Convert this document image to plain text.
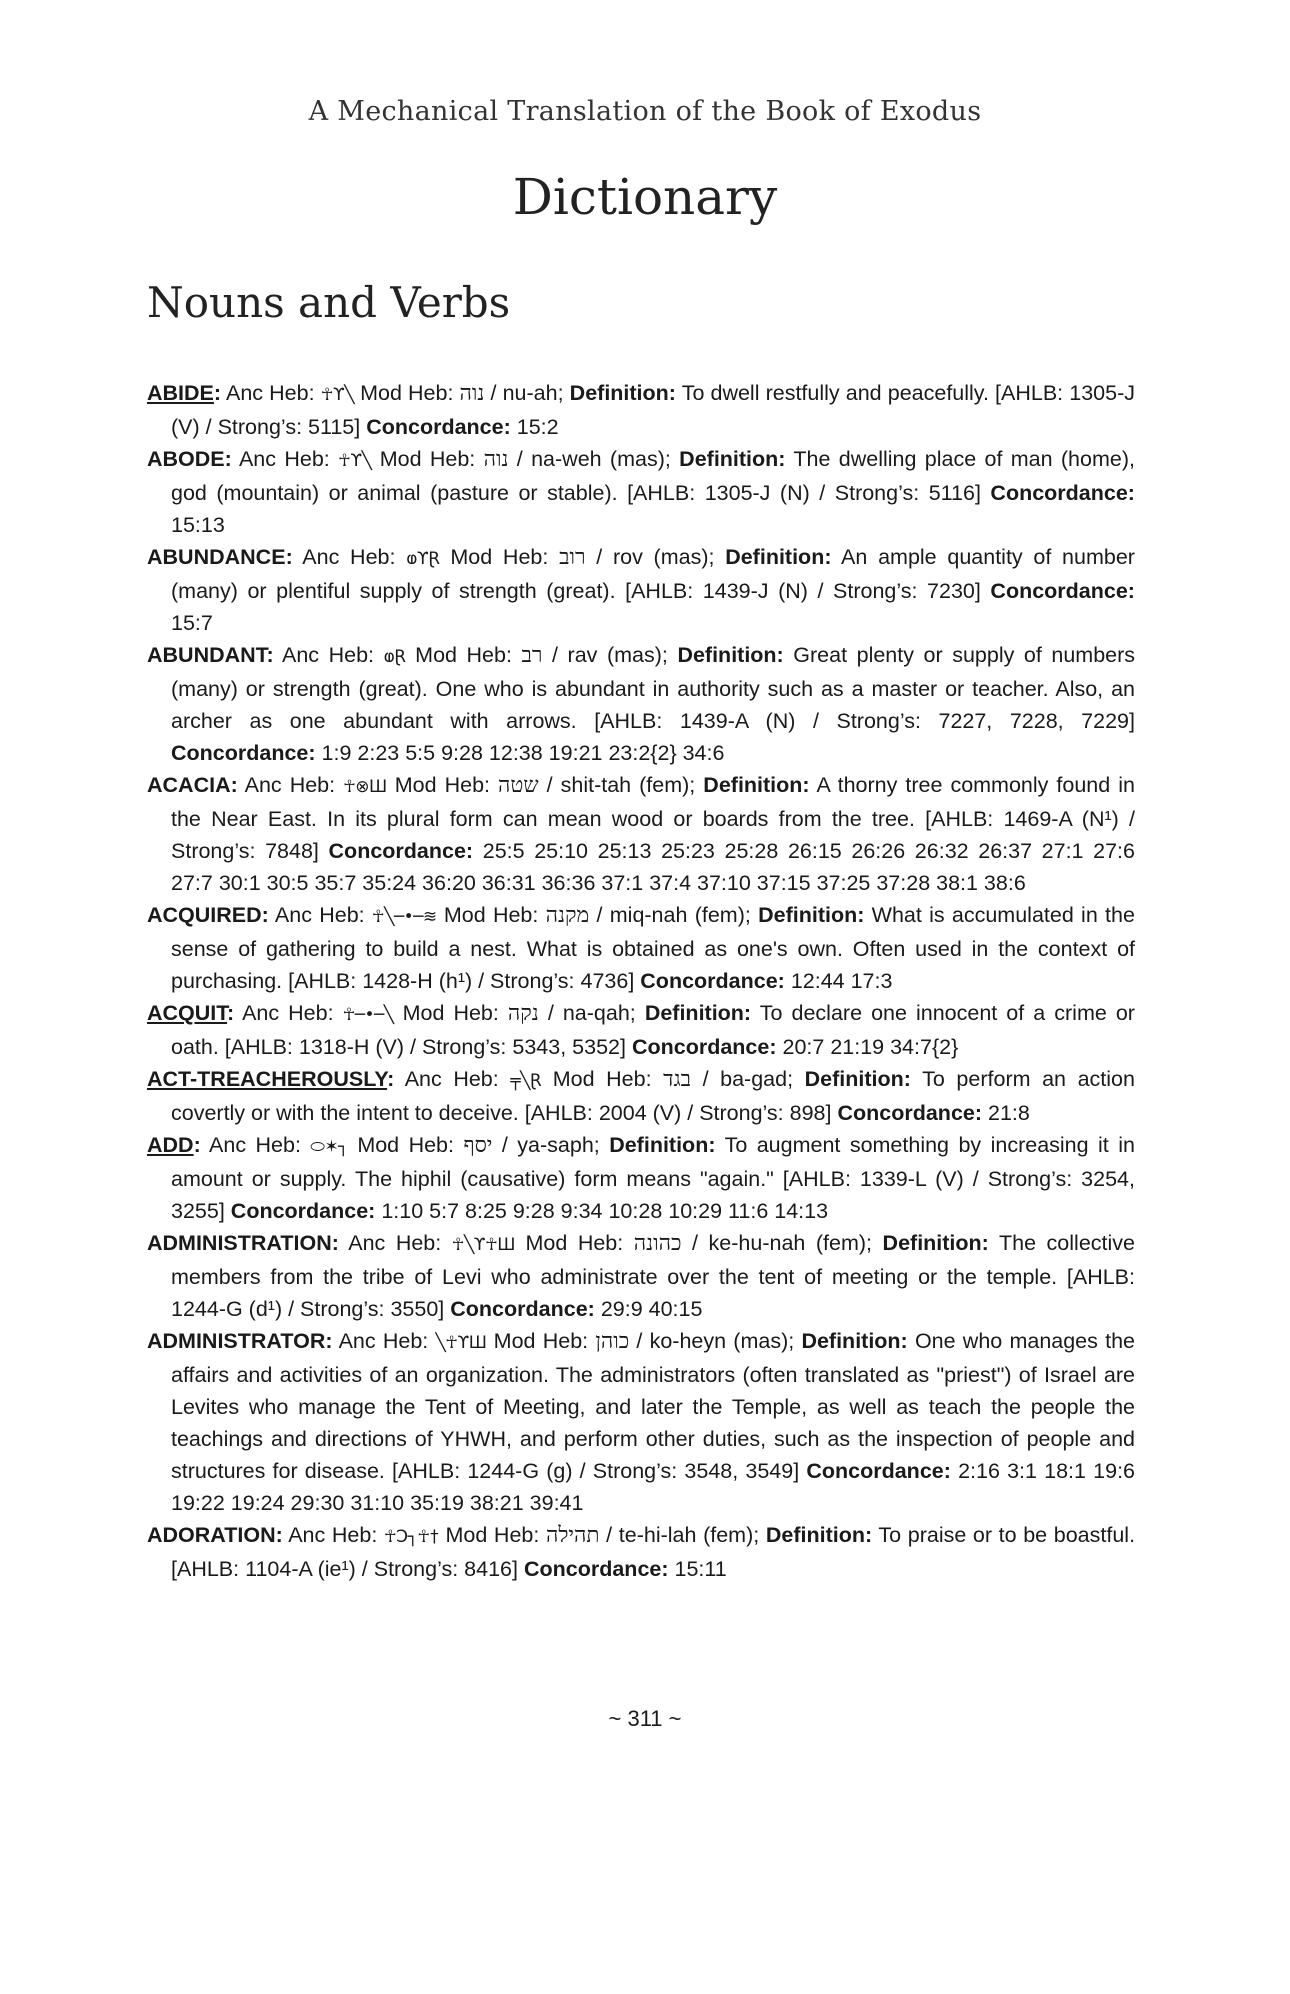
A Mechanical Translation of the Book of Exodus
Dictionary
Nouns and Verbs

ABIDE: Anc Heb: ☥ϒ╲ Mod Heb: נוה / nu-ah; Definition: To dwell restfully and peacefully. [AHLB: 1305-J (V) / Strong’s: 5115] Concordance: 15:2

ABODE: Anc Heb: ☥ϒ╲ Mod Heb: נוה / na-weh (mas); Definition: The dwelling place of man (home), god (mountain) or animal (pasture or stable). [AHLB: 1305-J (N) / Strong’s: 5116] Concordance: 15:13

ABUNDANCE: Anc Heb: ⱷϒⱤ Mod Heb: רוב / rov (mas); Definition: An ample quantity of number (many) or plentiful supply of strength (great). [AHLB: 1439-J (N) / Strong’s: 7230] Concordance: 15:7

ABUNDANT: Anc Heb: ⱷⱤ Mod Heb: רב / rav (mas); Definition: Great plenty or supply of numbers (many) or strength (great). One who is abundant in authority such as a master or teacher. Also, an archer as one abundant with arrows. [AHLB: 1439-A (N) / Strong’s: 7227, 7228, 7229] Concordance: 1:9 2:23 5:5 9:28 12:38 19:21 23:2{2} 34:6

ACACIA: Anc Heb: ☥⊗Ш Mod Heb: שטה / shit-tah (fem); Definition: A thorny tree commonly found in the Near East. In its plural form can mean wood or boards from the tree. [AHLB: 1469-A (N¹) / Strong’s: 7848] Concordance: 25:5 25:10 25:13 25:23 25:28 26:15 26:26 26:32 26:37 27:1 27:6 27:7 30:1 30:5 35:7 35:24 36:20 36:31 36:36 37:1 37:4 37:10 37:15 37:25 37:28 38:1 38:6

ACQUIRED: Anc Heb: ☥╲─•─≋ Mod Heb: מקנה / miq-nah (fem); Definition: What is accumulated in the sense of gathering to build a nest. What is obtained as one's own. Often used in the context of purchasing. [AHLB: 1428-H (h¹) / Strong’s: 4736] Concordance: 12:44 17:3

ACQUIT: Anc Heb: ☥─•─╲ Mod Heb: נקה / na-qah; Definition: To declare one innocent of a crime or oath. [AHLB: 1318-H (V) / Strong’s: 5343, 5352] Concordance: 20:7 21:19 34:7{2}

ACT-TREACHEROUSLY: Anc Heb: ╤╲Ɽ Mod Heb: בגד / ba-gad; Definition: To perform an action covertly or with the intent to deceive. [AHLB: 2004 (V) / Strong’s: 898] Concordance: 21:8

ADD: Anc Heb: ⬭✶┐ Mod Heb: יסף / ya-saph; Definition: To augment something by increasing it in amount or supply. The hiphil (causative) form means "again." [AHLB: 1339-L (V) / Strong’s: 3254, 3255] Concordance: 1:10 5:7 8:25 9:28 9:34 10:28 10:29 11:6 14:13

ADMINISTRATION: Anc Heb: ☥╲ϒ☥Ш Mod Heb: כהונה / ke-hu-nah (fem); Definition: The collective members from the tribe of Levi who administrate over the tent of meeting or the temple. [AHLB: 1244-G (d¹) / Strong’s: 3550] Concordance: 29:9 40:15

ADMINISTRATOR: Anc Heb: ╲☥ϒШ Mod Heb: כוהן / ko-heyn (mas); Definition: One who manages the affairs and activities of an organization. The administrators (often translated as "priest") of Israel are Levites who manage the Tent of Meeting, and later the Temple, as well as teach the people the teachings and directions of YHWH, and perform other duties, such as the inspection of people and structures for disease. [AHLB: 1244-G (g) / Strong’s: 3548, 3549] Concordance: 2:16 3:1 18:1 19:6 19:22 19:24 29:30 31:10 35:19 38:21 39:41

ADORATION: Anc Heb: ☥Ɔ┐☥† Mod Heb: תהילה / te-hi-lah (fem); Definition: To praise or to be boastful. [AHLB: 1104-A (ie¹) / Strong’s: 8416] Concordance: 15:11

~ 311 ~
